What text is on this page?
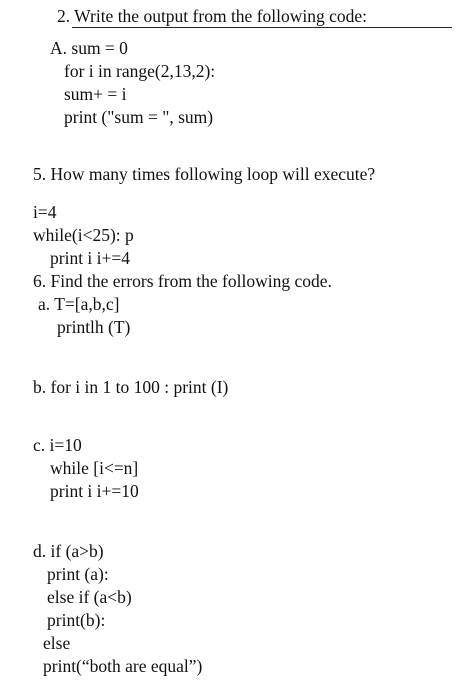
2. Write the output from the following code:
A. sum = 0
for i in range(2,13,2):
sum+ = i
print ("sum = ", sum)
5. How many times following loop will execute?
i=4
while(i<25): p
print i i+=4
6. Find the errors from the following code.
a. T=[a,b,c]
printlh (T)
b. for i in 1 to 100 : print (I)
c. i=10
while [i<=n]
print i i+=10
d. if (a>b)
print (a):
else if (a<b)
print(b):
else
print(“both are equal”)
